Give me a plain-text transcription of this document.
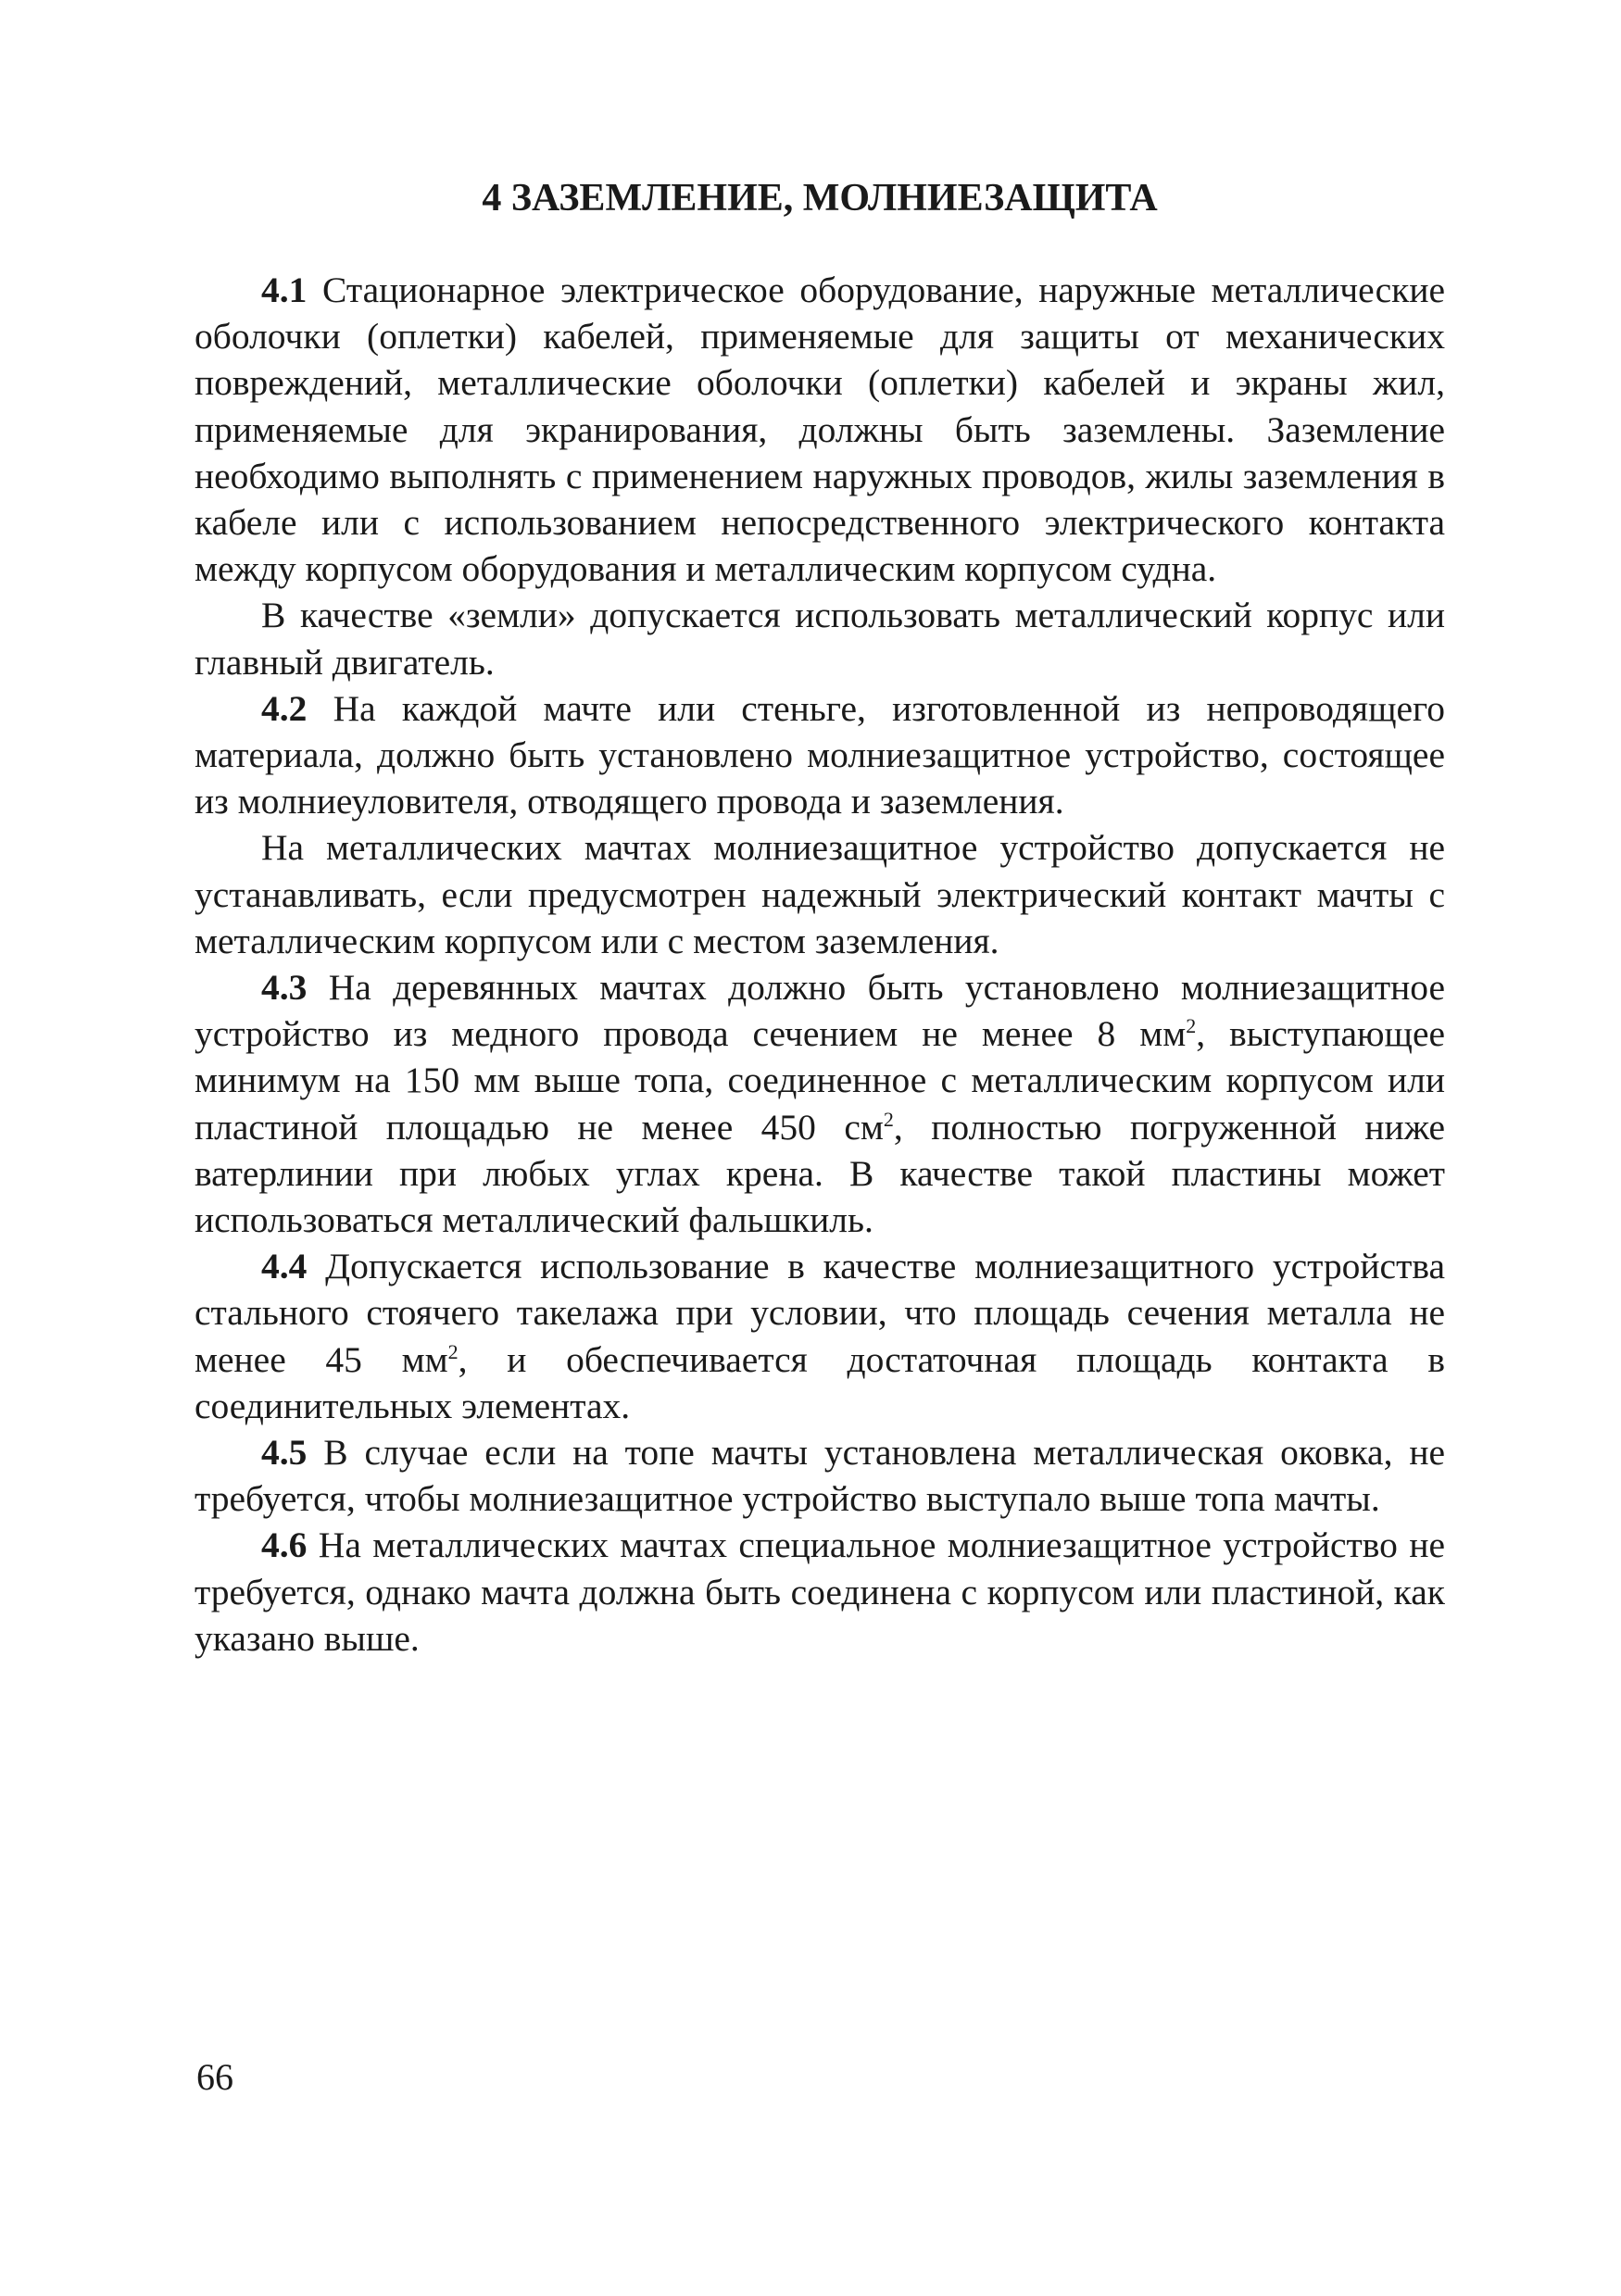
4 ЗАЗЕМЛЕНИЕ, МОЛНИЕЗАЩИТА

4.1 Стационарное электрическое оборудование, наружные металлические оболочки (оплетки) кабелей, применяемые для защиты от механических повреждений, металлические оболочки (оплетки) кабелей и экраны жил, применяемые для экранирования, должны быть заземлены. Заземление необходимо выполнять с применением наружных проводов, жилы заземления в кабеле или с использованием непосредственного электрического контакта между корпусом оборудования и металлическим корпусом судна.

В качестве «земли» допускается использовать металлический корпус или главный двигатель.

4.2 На каждой мачте или стеньге, изготовленной из непроводящего материала, должно быть установлено молниезащитное устройство, состоящее из молниеуловителя, отводящего провода и заземления.

На металлических мачтах молниезащитное устройство допускается не устанавливать, если предусмотрен надежный электрический контакт мачты с металлическим корпусом или с местом заземления.

4.3 На деревянных мачтах должно быть установлено молниезащитное устройство из медного провода сечением не менее 8 $мм^2$, выступающее минимум на 150 мм выше топа, соединенное с металлическим корпусом или пластиной площадью не менее 450 $см^2$, полностью погруженной ниже ватерлинии при любых углах крена. В качестве такой пластины может использоваться металлический фальшкиль.

4.4 Допускается использование в качестве молниезащитного устройства стального стоячего такелажа при условии, что площадь сечения металла не менее 45 $мм^2$, и обеспечивается достаточная площадь контакта в соединительных элементах.

4.5 В случае если на топе мачты установлена металлическая оковка, не требуется, чтобы молниезащитное устройство выступало выше топа мачты.

4.6 На металлических мачтах специальное молниезащитное устройство не требуется, однако мачта должна быть соединена с корпусом или пластиной, как указано выше.

66
